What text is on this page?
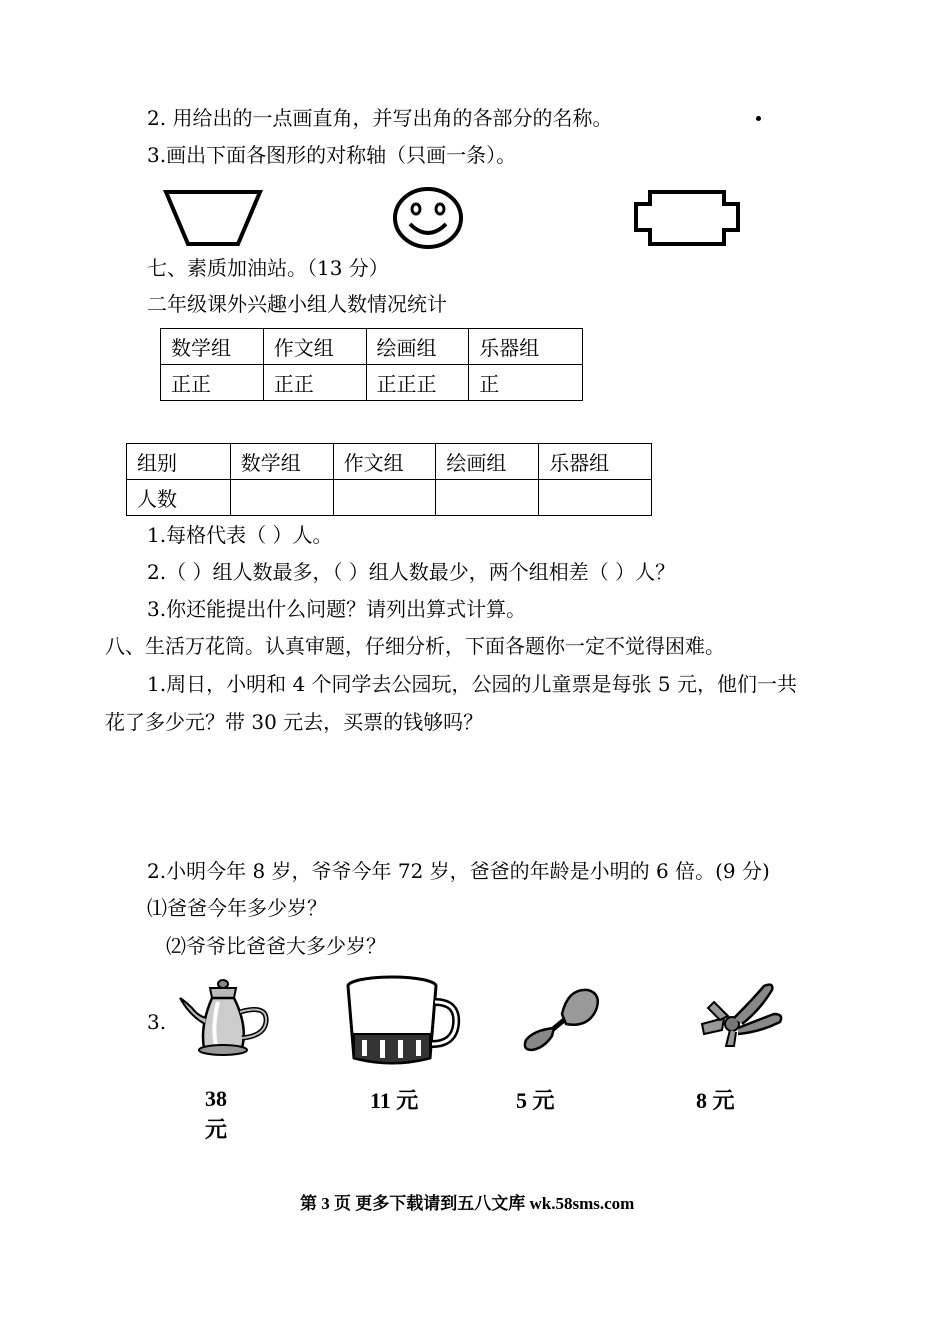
2. 用给出的一点画直角，并写出角的各部分的名称。
3.画出下面各图形的对称轴（只画一条）。
七、素质加油站。（13 分）
二年级课外兴趣小组人数情况统计
数学组	作文组	绘画组	乐器组
正正	正正	正正正	正
组别	数学组	作文组	绘画组	乐器组
人数				
1.每格代表（ ）人。
2.（ ）组人数最多，（ ）组人数最少，两个组相差（ ）人？
3.你还能提出什么问题？请列出算式计算。
八、生活万花筒。认真审题，仔细分析，下面各题你一定不觉得困难。
1.周日，小明和 4 个同学去公园玩，公园的儿童票是每张 5 元，他们一共
花了多少元？带 30 元去，买票的钱够吗？
2.小明今年 8 岁，爷爷今年 72 岁，爸爸的年龄是小明的 6 倍。(9 分)
⑴爸爸今年多少岁？
⑵爷爷比爸爸大多少岁？
3.
38
元
11 元	5 元	8 元
第 3 页 更多下载请到五八文库 wk.58sms.com
